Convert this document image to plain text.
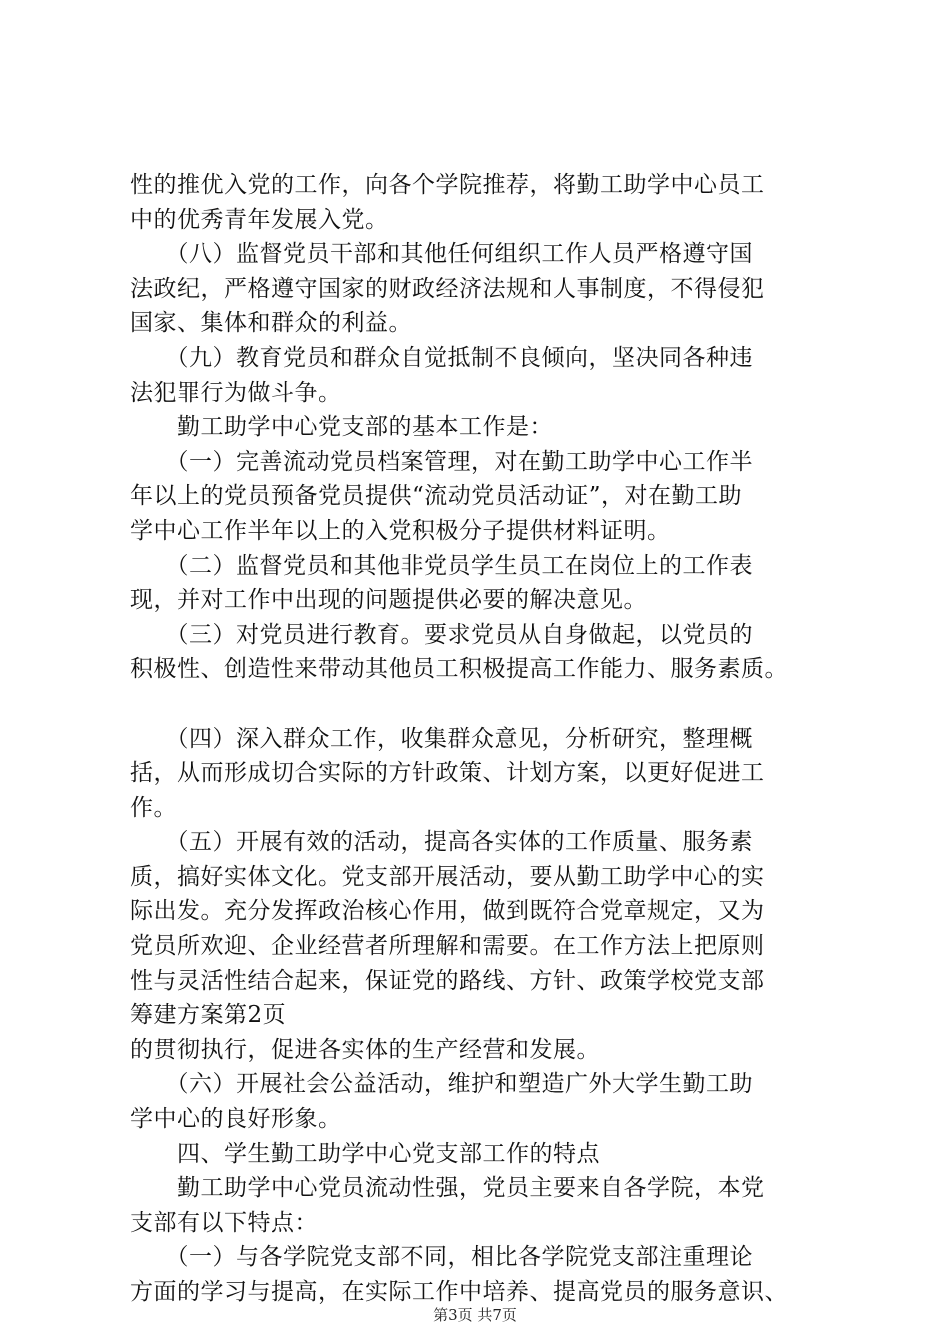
性的推优入党的工作，向各个学院推荐，将勤工助学中心员工
中的优秀青年发展入党。
　　（八）监督党员干部和其他任何组织工作人员严格遵守国
法政纪，严格遵守国家的财政经济法规和人事制度，不得侵犯
国家、集体和群众的利益。
　　（九）教育党员和群众自觉抵制不良倾向，坚决同各种违
法犯罪行为做斗争。
　　勤工助学中心党支部的基本工作是：
　　（一）完善流动党员档案管理，对在勤工助学中心工作半
年以上的党员预备党员提供“流动党员活动证”，对在勤工助
学中心工作半年以上的入党积极分子提供材料证明。
　　（二）监督党员和其他非党员学生员工在岗位上的工作表
现，并对工作中出现的问题提供必要的解决意见。
　　（三）对党员进行教育。要求党员从自身做起，以党员的
积极性、创造性来带动其他员工积极提高工作能力、服务素质。
　　（四）深入群众工作，收集群众意见，分析研究，整理概
括，从而形成切合实际的方针政策、计划方案，以更好促进工
作。
　　（五）开展有效的活动，提高各实体的工作质量、服务素
质，搞好实体文化。党支部开展活动，要从勤工助学中心的实
际出发。充分发挥政治核心作用，做到既符合党章规定，又为
党员所欢迎、企业经营者所理解和需要。在工作方法上把原则
性与灵活性结合起来，保证党的路线、方针、政策学校党支部
筹建方案第2页
的贯彻执行，促进各实体的生产经营和发展。
　　（六）开展社会公益活动，维护和塑造广外大学生勤工助
学中心的良好形象。
　　四、学生勤工助学中心党支部工作的特点
　　勤工助学中心党员流动性强，党员主要来自各学院，本党
支部有以下特点：
　　（一）与各学院党支部不同，相比各学院党支部注重理论
方面的学习与提高，在实际工作中培养、提高党员的服务意识、
第3页 共7页
